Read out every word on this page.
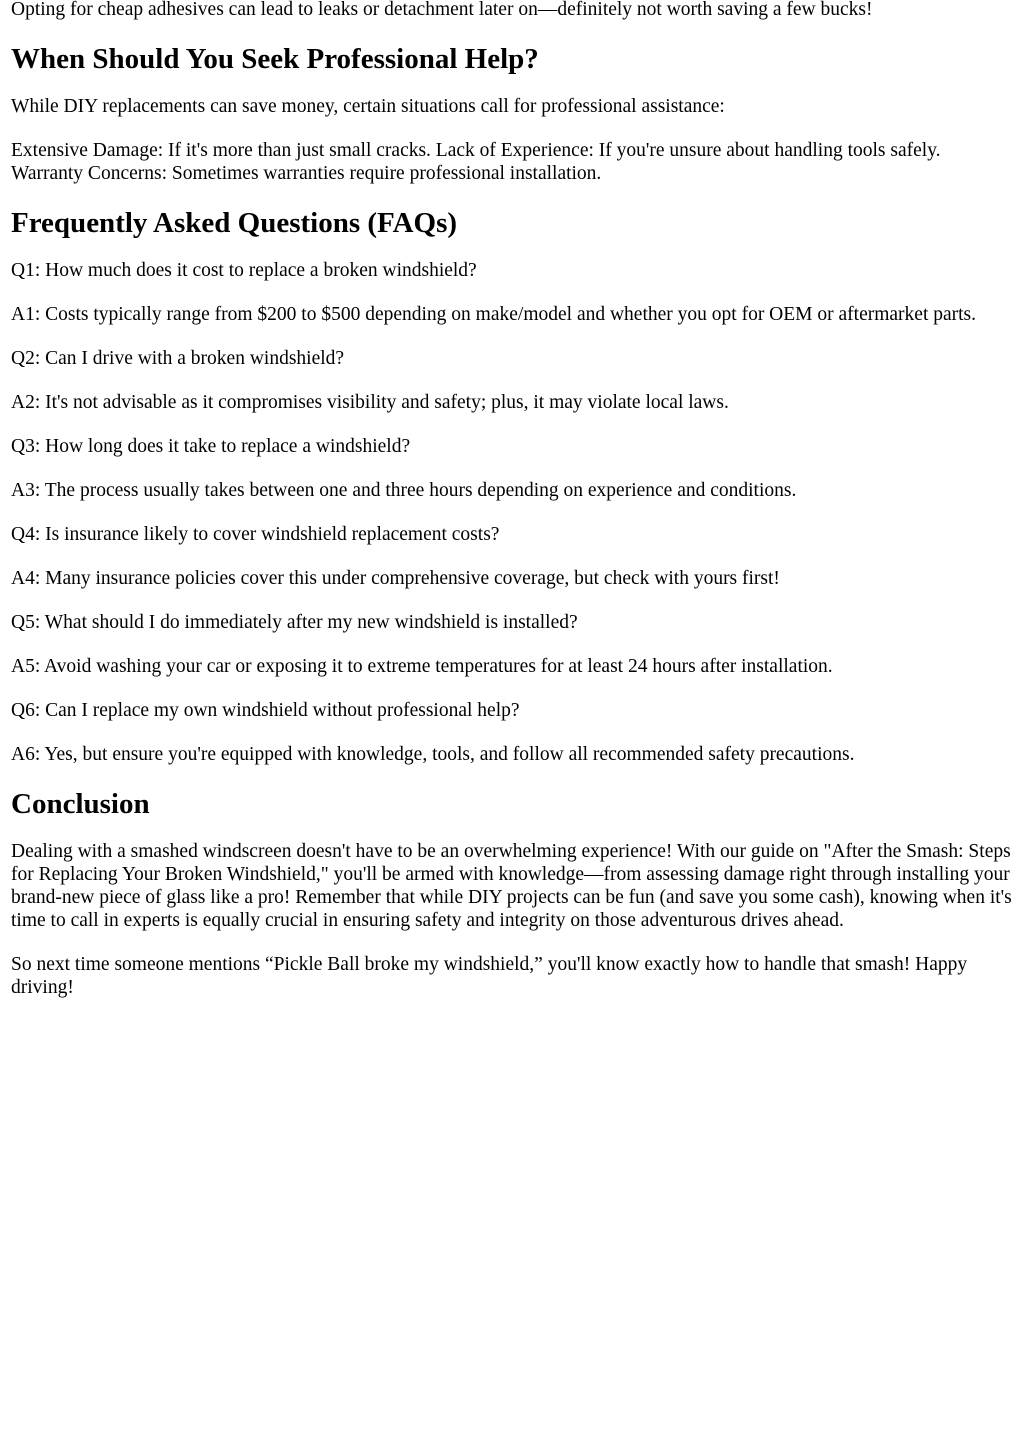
Opting for cheap adhesives can lead to leaks or detachment later on—definitely not worth saving a few bucks!

When Should You Seek Professional Help?

While DIY replacements can save money, certain situations call for professional assistance:

Extensive Damage: If it's more than just small cracks. Lack of Experience: If you're unsure about handling tools safely. Warranty Concerns: Sometimes warranties require professional installation.

Frequently Asked Questions (FAQs)

Q1: How much does it cost to replace a broken windshield?

A1: Costs typically range from $200 to $500 depending on make/model and whether you opt for OEM or aftermarket parts.

Q2: Can I drive with a broken windshield?

A2: It's not advisable as it compromises visibility and safety; plus, it may violate local laws.

Q3: How long does it take to replace a windshield?

A3: The process usually takes between one and three hours depending on experience and conditions.

Q4: Is insurance likely to cover windshield replacement costs?

A4: Many insurance policies cover this under comprehensive coverage, but check with yours first!

Q5: What should I do immediately after my new windshield is installed?

A5: Avoid washing your car or exposing it to extreme temperatures for at least 24 hours after installation.

Q6: Can I replace my own windshield without professional help?

A6: Yes, but ensure you're equipped with knowledge, tools, and follow all recommended safety precautions.

Conclusion

Dealing with a smashed windscreen doesn't have to be an overwhelming experience! With our guide on "After the Smash: Steps for Replacing Your Broken Windshield," you'll be armed with knowledge—from assessing damage right through installing your brand-new piece of glass like a pro! Remember that while DIY projects can be fun (and save you some cash), knowing when it's time to call in experts is equally crucial in ensuring safety and integrity on those adventurous drives ahead.

So next time someone mentions “Pickle Ball broke my windshield,” you'll know exactly how to handle that smash! Happy driving!
